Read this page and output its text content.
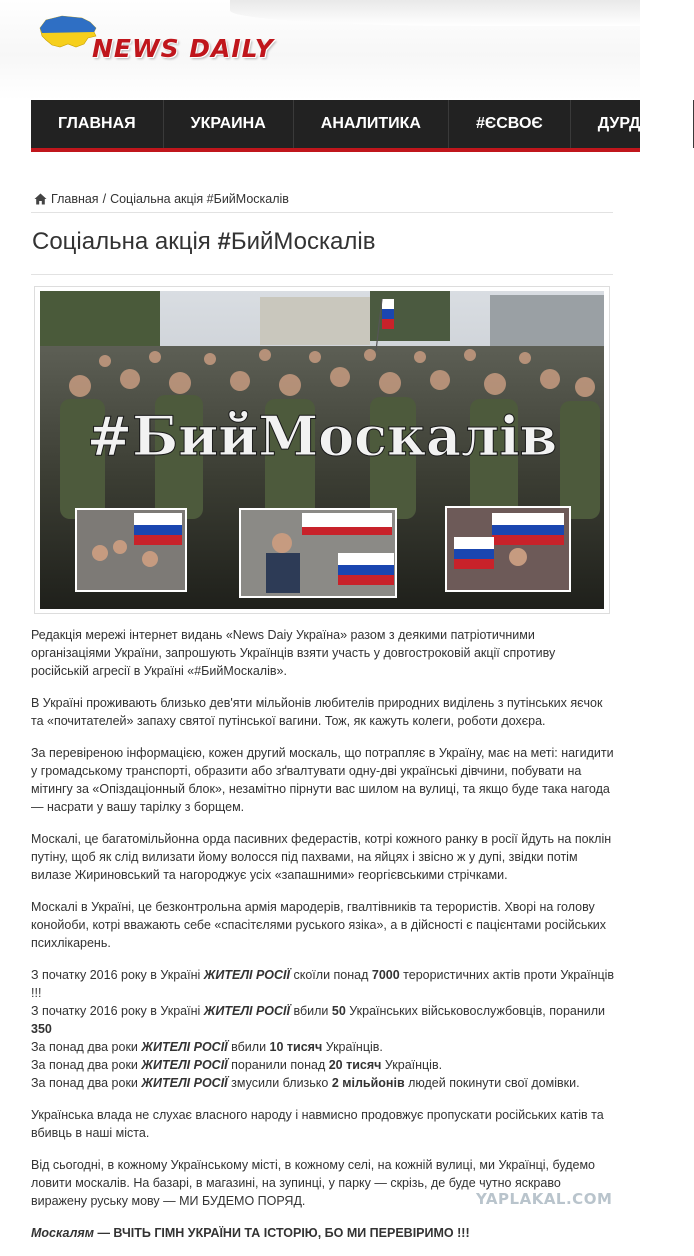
NEWS DAILY
ГЛАВНАЯ	УКРАИНА	АНАЛИТИКА	#ЄСВОЄ	ДУРДОМ
Главная / Соціальна акція #БийМоскалів
Соціальна акція #БийМоскалів
#БийМоскалів

Редакція мережі інтернет видань «News Daiy Україна» разом з деякими патріотичними організаціями України, запрошують Українців взяти участь у довгостроковій акції спротиву російській агресії в Україні «#БийМоскалів».

В Україні проживають близько дев'яти мільйонів любителів природних виділень з путінських яєчок та «почитателей» запаху святої путінської вагини. Тож, як кажуть колеги, роботи дохєра.

За перевіреною інформацією, кожен другий москаль, що потрапляє в Україну, має на меті: нагидити у громадському транспорті, образити або зґвалтувати одну-дві українські дівчини, побувати на мітингу за «Опіздаціонный блок», незамітно пірнути вас шилом на вулиці, та якщо буде така нагода — насрати у вашу тарілку з борщем.

Москалі, це багатомільйонна орда пасивних федерастів, котрі кожного ранку в росії йдуть на поклін путіну, щоб як слід вилизати йому волосся під пахвами, на яйцях і звісно ж у дупі, звідки потім вилазе Жириновський та нагороджує усіх «запашними» георгієвськими стрічками.

Москалі в Україні, це безконтрольна армія мародерів, гвалтівників та терористів. Хворі на голову конойоби, котрі вважають себе «спасітєлями руського язіка», а в дійсності є пацієнтами російських психлікарень.

З початку 2016 року в Україні ЖИТЕЛІ РОСІЇ скоїли понад 7000 терористичних актів проти Українців !!!

З початку 2016 року в Україні ЖИТЕЛІ РОСІЇ вбили 50 Українських військовослужбовців, поранили
350

За понад два роки ЖИТЕЛІ РОСІЇ вбили 10 тисяч Українців.

За понад два роки ЖИТЕЛІ РОСІЇ поранили понад 20 тисяч Українців.

За понад два роки ЖИТЕЛІ РОСІЇ змусили близько 2 мільйонів людей покинути свої домівки.

Українська влада не слухає власного народу і навмисно продовжує пропускати російських катів та вбивць в наші міста.

Від сьогодні, в кожному Українському місті, в кожному селі, на кожній вулиці, ми Українці, будемо ловити москалів. На базарі, в магазині, на зупинці, у парку — скрізь, де буде чутно яскраво виражену руську мову — МИ БУДЕМО ПОРЯД.

Москалям — ВЧІТЬ ГІМН УКРАЇНИ ТА ІСТОРІЮ, БО МИ ПЕРЕВІРИМО !!!

YAPLAKAL.COM
